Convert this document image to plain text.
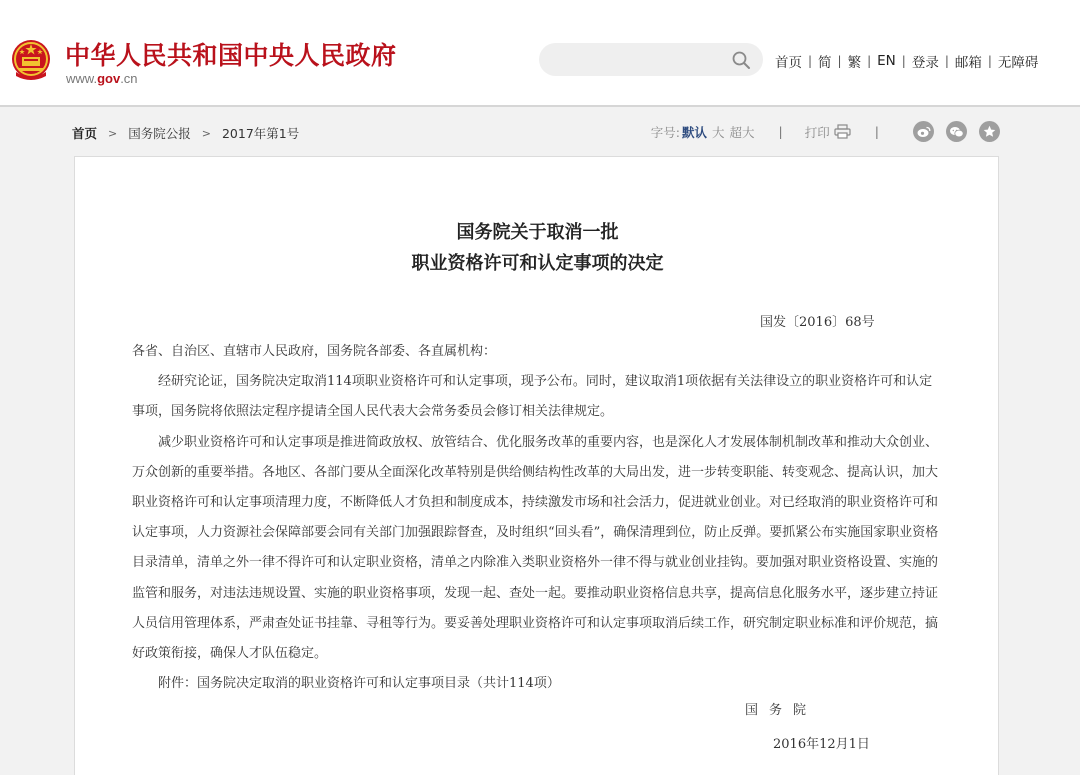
中华人民共和国中央人民政府
www.gov.cn
首页 | 简 | 繁 | EN | 登录 | 邮箱 | 无障碍
首页 > 国务院公报 > 2017年第1号	字号: 默认 大 超大 | 打印	|
国务院关于取消一批
职业资格许可和认定事项的决定
国发〔2016〕68号

各省、自治区、直辖市人民政府，国务院各部委、各直属机构：

经研究论证，国务院决定取消114项职业资格许可和认定事项，现予公布。同时，建议取消1项依据有关法律设立的职业资格许可和认定事项，国务院将依照法定程序提请全国人民代表大会常务委员会修订相关法律规定。

减少职业资格许可和认定事项是推进简政放权、放管结合、优化服务改革的重要内容，也是深化人才发展体制机制改革和推动大众创业、万众创新的重要举措。各地区、各部门要从全面深化改革特别是供给侧结构性改革的大局出发，进一步转变职能、转变观念、提高认识，加大职业资格许可和认定事项清理力度，不断降低人才负担和制度成本，持续激发市场和社会活力，促进就业创业。对已经取消的职业资格许可和认定事项，人力资源社会保障部要会同有关部门加强跟踪督查，及时组织“回头看”，确保清理到位，防止反弹。要抓紧公布实施国家职业资格目录清单，清单之外一律不得许可和认定职业资格，清单之内除准入类职业资格外一律不得与就业创业挂钩。要加强对职业资格设置、实施的监管和服务，对违法违规设置、实施的职业资格事项，发现一起、查处一起。要推动职业资格信息共享，提高信息化服务水平，逐步建立持证人员信用管理体系，严肃查处证书挂靠、寻租等行为。要妥善处理职业资格许可和认定事项取消后续工作，研究制定职业标准和评价规范，搞好政策衔接，确保人才队伍稳定。

附件：国务院决定取消的职业资格许可和认定事项目录（共计114项）

国务院
2016年12月1日
